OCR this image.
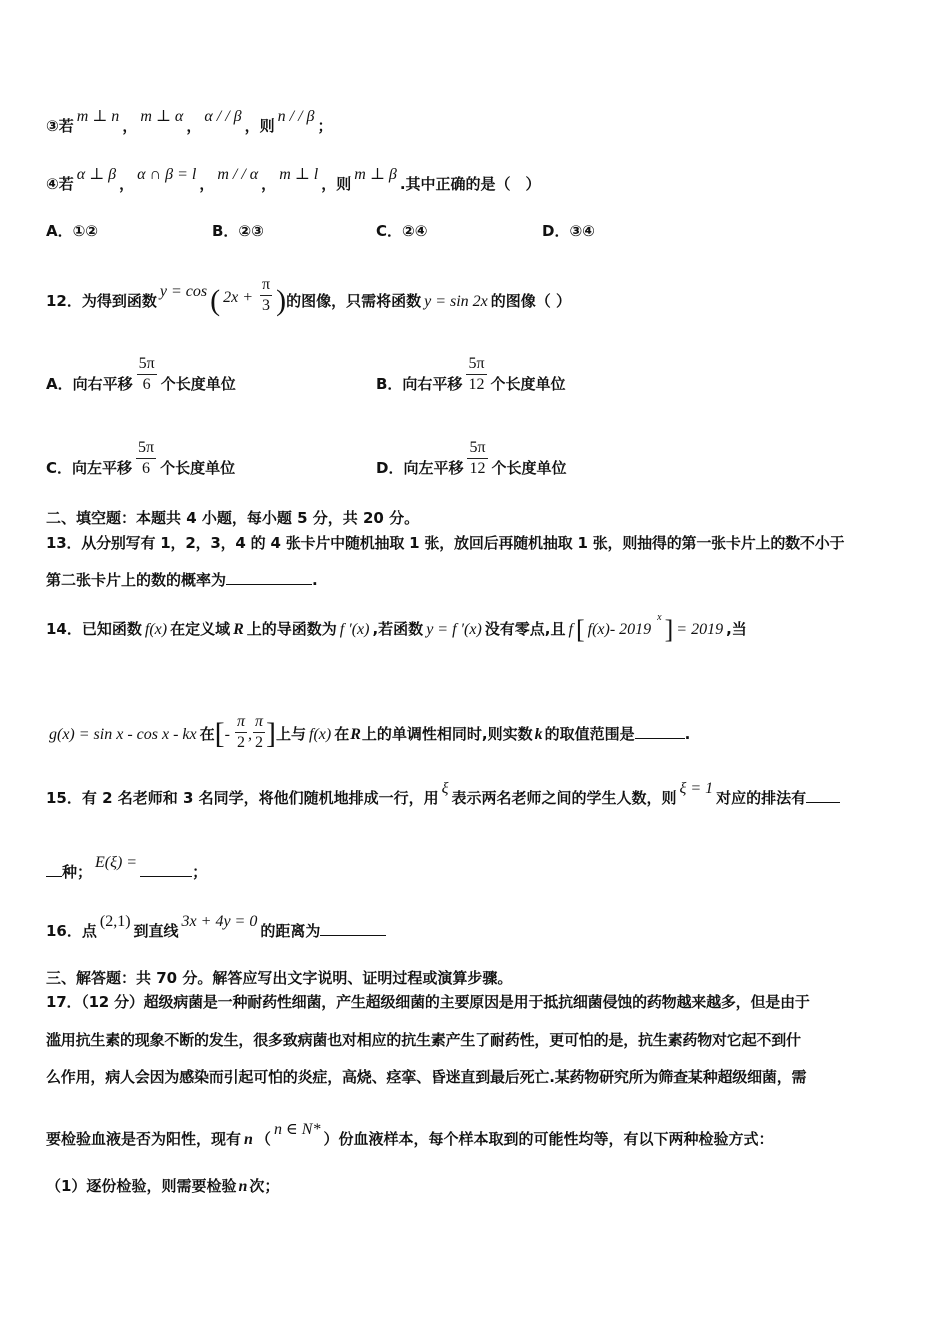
③若m ⊥ n，m ⊥ α，α / / β，则n / / β；
④若α ⊥ β，α ∩ β = l，m / / α，m ⊥ l，则m ⊥ β.其中正确的是（　）
A．①②	B．②③	C．②④	D．③④
12．为得到函数y = cos ( $2x + \frac{\pi}{3}$ )的图像，只需将函数 y = sin 2x 的图像（ ）
A．向右平移 $\frac{5\pi}{6}$ 个长度单位	B．向右平移 $\frac{5\pi}{12}$ 个长度单位
C．向左平移 $\frac{5\pi}{6}$ 个长度单位	D．向左平移 $\frac{5\pi}{12}$ 个长度单位
二、填空题：本题共 4 小题，每小题 5 分，共 20 分。
13．从分别写有 1，2，3，4 的 4 张卡片中随机抽取 1 张，放回后再随机抽取 1 张，则抽得的第一张卡片上的数不小于
第二张卡片上的数的概率为	.
14．已知函数 f(x) 在定义域 R 上的导函数为 f ′(x) ,若函数 y = f ′(x) 没有零点,且 f [ f(x)- 2019$^x$ ] = 2019 ,当
g(x) = sin x - cos x - kx 在[- $\frac{\pi}{2}$ , $\frac{\pi}{2}$ ]上与 f(x) 在R上的单调性相同时,则实数 k 的取值范围是	.
15．有 2 名老师和 3 名同学，将他们随机地排成一行，用ξ表示两名老师之间的学生人数，则ξ = 1对应的排法有
种；E(ξ) =；
16．点(2,1)到直线3x + 4y = 0的距离为
三、解答题：共 70 分。解答应写出文字说明、证明过程或演算步骤。
17．（12 分）超级病菌是一种耐药性细菌，产生超级细菌的主要原因是用于抵抗细菌侵蚀的药物越来越多，但是由于
滥用抗生素的现象不断的发生，很多致病菌也对相应的抗生素产生了耐药性，更可怕的是，抗生素药物对它起不到什
么作用，病人会因为感染而引起可怕的炎症，高烧、痉挛、昏迷直到最后死亡.某药物研究所为筛查某种超级细菌，需
要检验血液是否为阳性，现有 n （n ∈ N*）份血液样本，每个样本取到的可能性均等，有以下两种检验方式：
（1）逐份检验，则需要检验 n 次；
